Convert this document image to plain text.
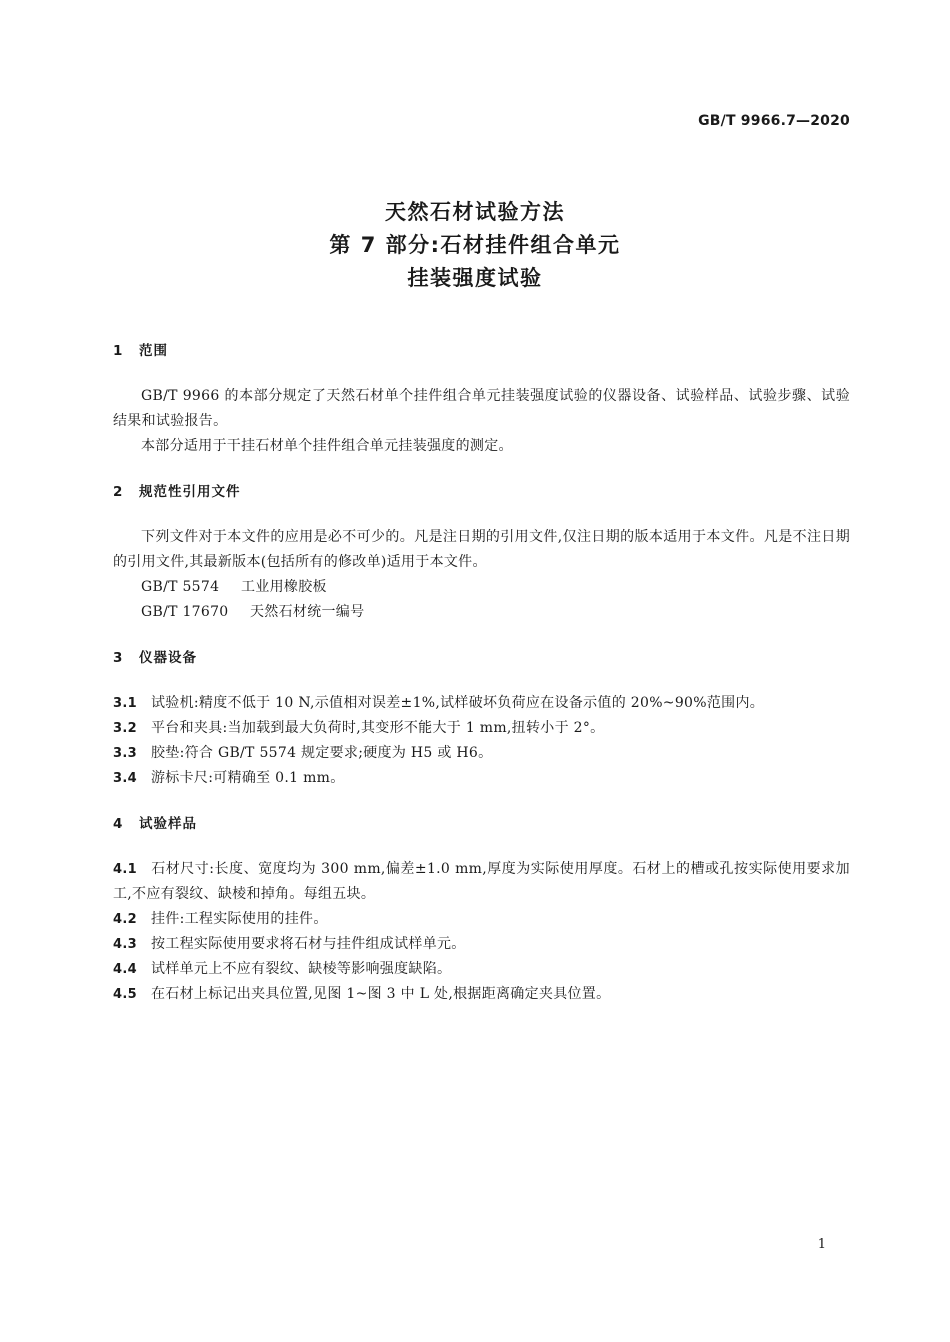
GB/T 9966.7—2020
天然石材试验方法
第 7 部分:石材挂件组合单元
挂装强度试验
1 范围
GB/T 9966 的本部分规定了天然石材单个挂件组合单元挂装强度试验的仪器设备、试验样品、试验步骤、试验结果和试验报告。
本部分适用于干挂石材单个挂件组合单元挂装强度的测定。
2 规范性引用文件
下列文件对于本文件的应用是必不可少的。凡是注日期的引用文件,仅注日期的版本适用于本文件。凡是不注日期的引用文件,其最新版本(包括所有的修改单)适用于本文件。
GB/T 5574 工业用橡胶板
GB/T 17670 天然石材统一编号
3 仪器设备
3.1 试验机:精度不低于 10 N,示值相对误差±1%,试样破坏负荷应在设备示值的 20%~90%范围内。
3.2 平台和夹具:当加载到最大负荷时,其变形不能大于 1 mm,扭转小于 2°。
3.3 胶垫:符合 GB/T 5574 规定要求;硬度为 H5 或 H6。
3.4 游标卡尺:可精确至 0.1 mm。
4 试验样品
4.1 石材尺寸:长度、宽度均为 300 mm,偏差±1.0 mm,厚度为实际使用厚度。石材上的槽或孔按实际使用要求加工,不应有裂纹、缺棱和掉角。每组五块。
4.2 挂件:工程实际使用的挂件。
4.3 按工程实际使用要求将石材与挂件组成试样单元。
4.4 试样单元上不应有裂纹、缺棱等影响强度缺陷。
4.5 在石材上标记出夹具位置,见图 1~图 3 中 L 处,根据距离确定夹具位置。
1
